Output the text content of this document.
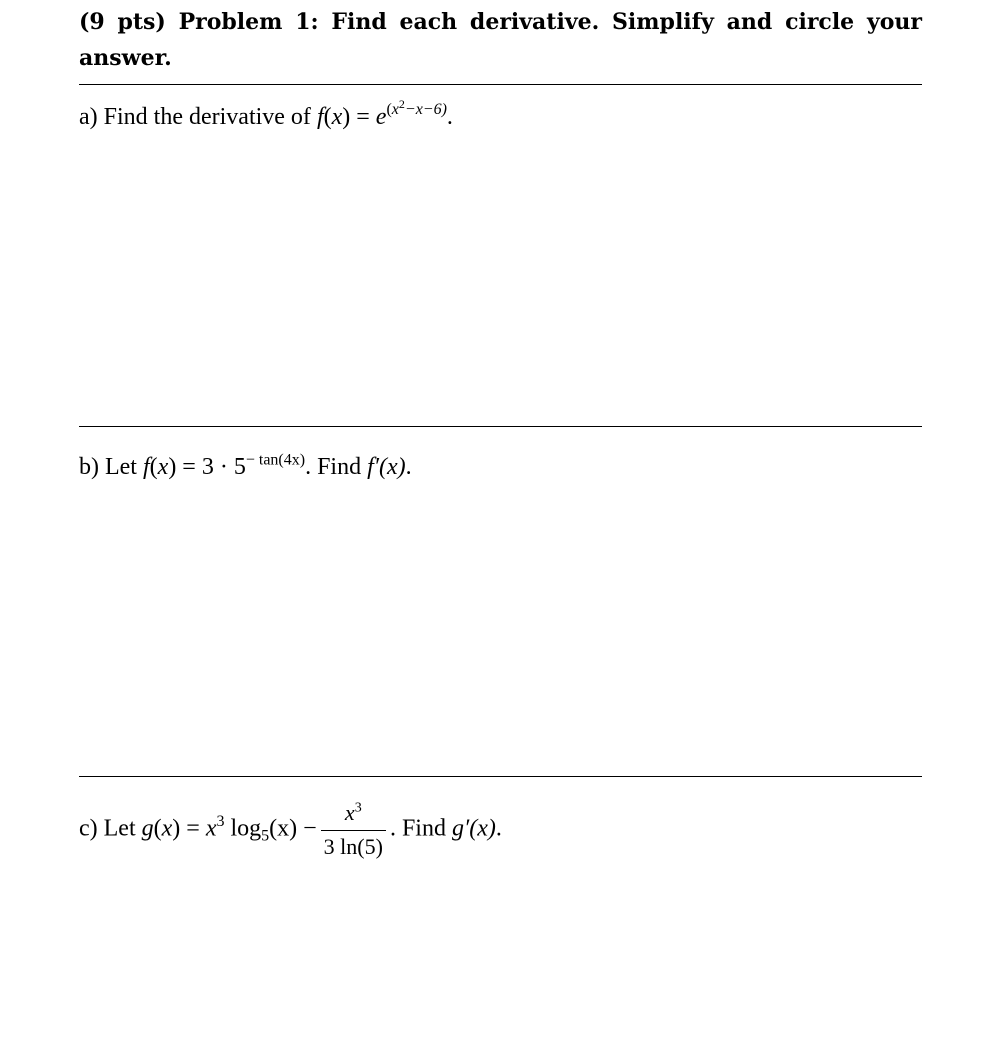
(9 pts) Problem 1: Find each derivative. Simplify and circle your answer.
a) Find the derivative of $f(x) = e^{(x^2-x-6)}$.
b) Let $f(x) = 3 \cdot 5^{- tan(4x)}$. Find f′(x).
c) Let $g(x) = x^3$ $\log_5(x) - \frac{x^3}{3 \ln(5)}$ . Find g′(x).
